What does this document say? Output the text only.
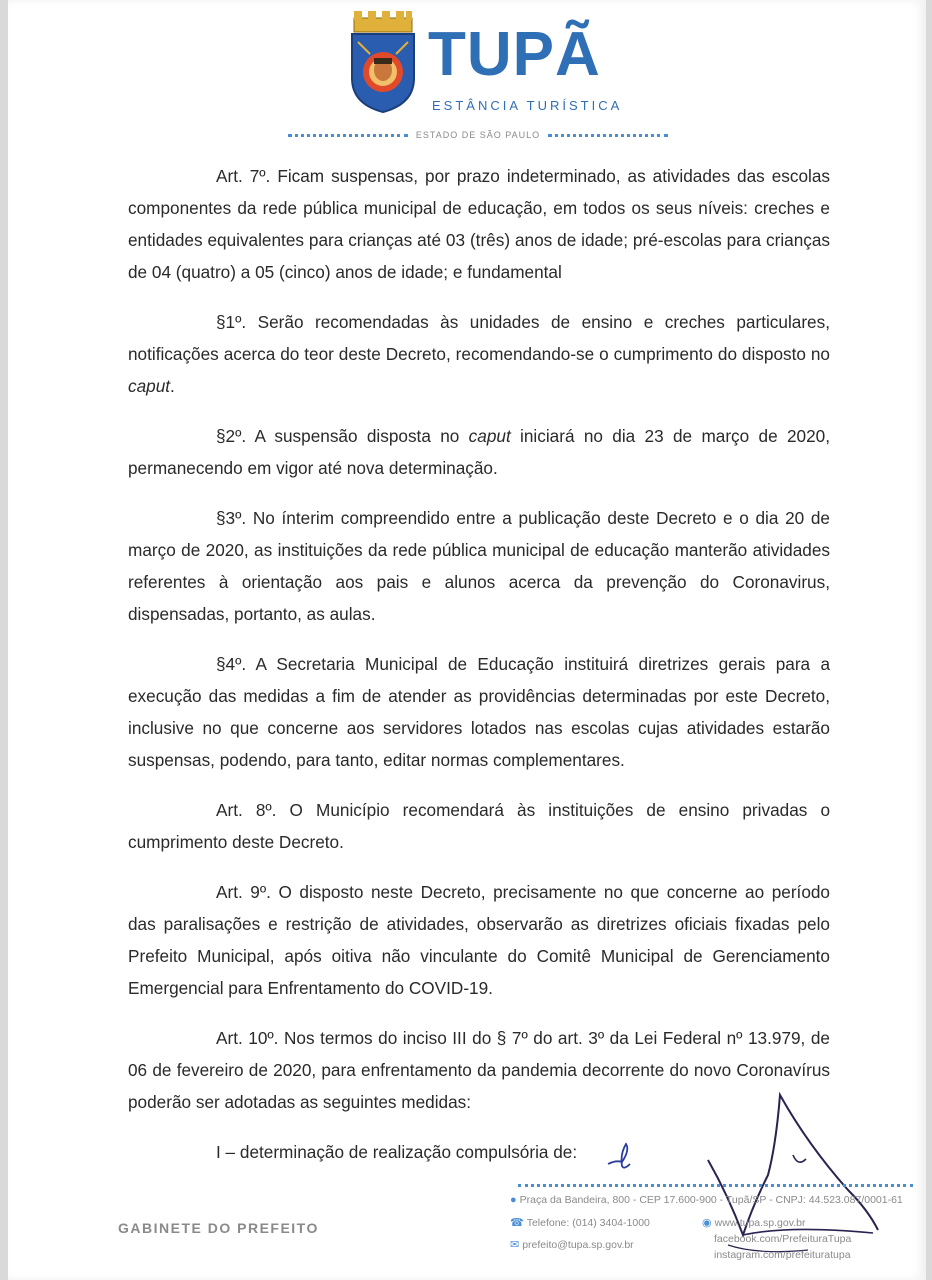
TUPÃ
ESTÂNCIA TURÍSTICA
ESTADO DE SÃO PAULO

Art. 7º. Ficam suspensas, por prazo indeterminado, as atividades das escolas componentes da rede pública municipal de educação, em todos os seus níveis: creches e entidades equivalentes para crianças até 03 (três) anos de idade; pré-escolas para crianças de 04 (quatro) a 05 (cinco) anos de idade; e fundamental

§1º. Serão recomendadas às unidades de ensino e creches particulares, notificações acerca do teor deste Decreto, recomendando-se o cumprimento do disposto no caput.

§2º. A suspensão disposta no caput iniciará no dia 23 de março de 2020, permanecendo em vigor até nova determinação.

§3º. No ínterim compreendido entre a publicação deste Decreto e o dia 20 de março de 2020, as instituições da rede pública municipal de educação manterão atividades referentes à orientação aos pais e alunos acerca da prevenção do Coronavirus, dispensadas, portanto, as aulas.

§4º. A Secretaria Municipal de Educação instituirá diretrizes gerais para a execução das medidas a fim de atender as providências determinadas por este Decreto, inclusive no que concerne aos servidores lotados nas escolas cujas atividades estarão suspensas, podendo, para tanto, editar normas complementares.

Art. 8º. O Município recomendará às instituições de ensino privadas o cumprimento deste Decreto.

Art. 9º. O disposto neste Decreto, precisamente no que concerne ao período das paralisações e restrição de atividades, observarão as diretrizes oficiais fixadas pelo Prefeito Municipal, após oitiva não vinculante do Comitê Municipal de Gerenciamento Emergencial para Enfrentamento do COVID-19.

Art. 10º. Nos termos do inciso III do § 7º do art. 3º da Lei Federal nº 13.979, de 06 de fevereiro de 2020, para enfrentamento da pandemia decorrente do novo Coronavírus poderão ser adotadas as seguintes medidas:

I – determinação de realização compulsória de:

GABINETE DO PREFEITO
● Praça da Bandeira, 800 - CEP 17.600-900 - Tupã/SP - CNPJ: 44.523.087/0001-61
☎ Telefone: (014) 3404-1000
✉ prefeito@tupa.sp.gov.br
◉ www.tupa.sp.gov.br
facebook.com/PrefeituraTupa
instagram.com/prefeituratupa
